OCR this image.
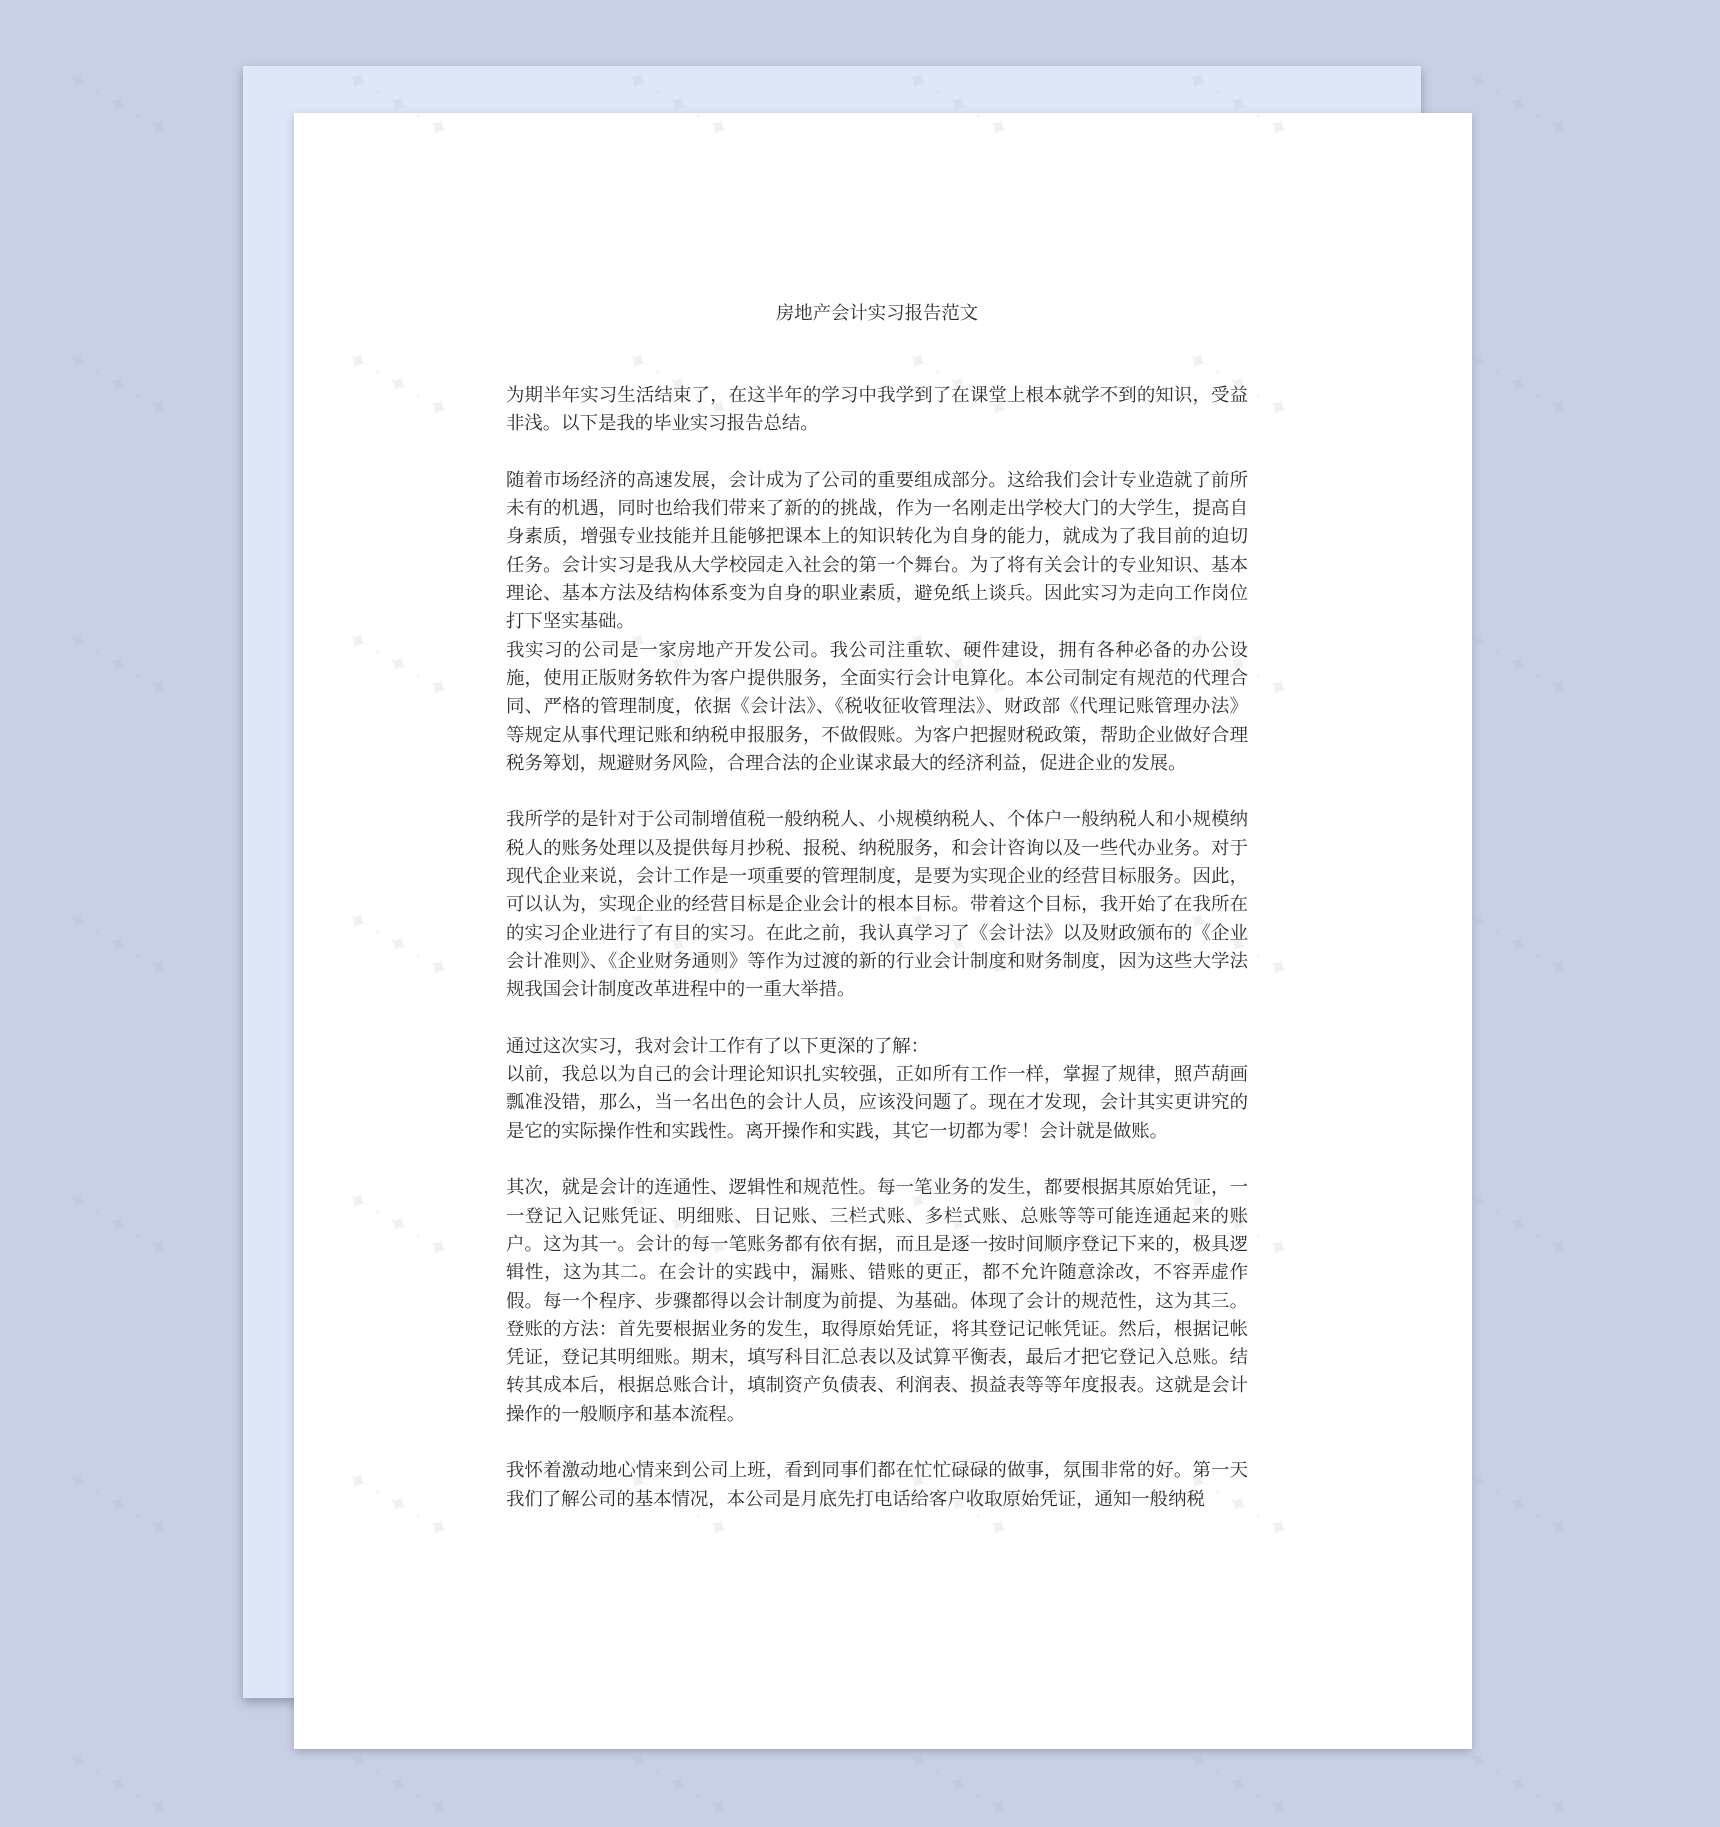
房地产会计实习报告范文

为期半年实习生活结束了，在这半年的学习中我学到了在课堂上根本就学不到的知识，受益非浅。以下是我的毕业实习报告总结。

随着市场经济的高速发展，会计成为了公司的重要组成部分。这给我们会计专业造就了前所未有的机遇，同时也给我们带来了新的的挑战，作为一名刚走出学校大门的大学生，提高自身素质，增强专业技能并且能够把课本上的知识转化为自身的能力，就成为了我目前的迫切任务。会计实习是我从大学校园走入社会的第一个舞台。为了将有关会计的专业知识、基本理论、基本方法及结构体系变为自身的职业素质，避免纸上谈兵。因此实习为走向工作岗位打下坚实基础。

我实习的公司是一家房地产开发公司。我公司注重软、硬件建设，拥有各种必备的办公设施，使用正版财务软件为客户提供服务，全面实行会计电算化。本公司制定有规范的代理合同、严格的管理制度，依据《会计法》、《税收征收管理法》、财政部《代理记账管理办法》等规定从事代理记账和纳税申报服务，不做假账。为客户把握财税政策，帮助企业做好合理税务筹划，规避财务风险，合理合法的企业谋求最大的经济利益，促进企业的发展。

我所学的是针对于公司制增值税一般纳税人、小规模纳税人、个体户一般纳税人和小规模纳税人的账务处理以及提供每月抄税、报税、纳税服务，和会计咨询以及一些代办业务。对于现代企业来说，会计工作是一项重要的管理制度，是要为实现企业的经营目标服务。因此，可以认为，实现企业的经营目标是企业会计的根本目标。带着这个目标，我开始了在我所在的实习企业进行了有目的实习。在此之前，我认真学习了《会计法》以及财政颁布的《企业会计准则》、《企业财务通则》等作为过渡的新的行业会计制度和财务制度，因为这些大学法规我国会计制度改革进程中的一重大举措。

通过这次实习，我对会计工作有了以下更深的了解：

以前，我总以为自己的会计理论知识扎实较强，正如所有工作一样，掌握了规律，照芦葫画瓢准没错，那么，当一名出色的会计人员，应该没问题了。现在才发现，会计其实更讲究的是它的实际操作性和实践性。离开操作和实践，其它一切都为零！会计就是做账。

其次，就是会计的连通性、逻辑性和规范性。每一笔业务的发生，都要根据其原始凭证，一一登记入记账凭证、明细账、日记账、三栏式账、多栏式账、总账等等可能连通起来的账户。这为其一。会计的每一笔账务都有依有据，而且是逐一按时间顺序登记下来的，极具逻辑性，这为其二。在会计的实践中，漏账、错账的更正，都不允许随意涂改，不容弄虚作假。每一个程序、步骤都得以会计制度为前提、为基础。体现了会计的规范性，这为其三。登账的方法：首先要根据业务的发生，取得原始凭证，将其登记记帐凭证。然后，根据记帐凭证，登记其明细账。期末，填写科目汇总表以及试算平衡表，最后才把它登记入总账。结转其成本后，根据总账合计，填制资产负债表、利润表、损益表等等年度报表。这就是会计操作的一般顺序和基本流程。

我怀着激动地心情来到公司上班，看到同事们都在忙忙碌碌的做事，氛围非常的好。第一天我们了解公司的基本情况，本公司是月底先打电话给客户收取原始凭证，通知一般纳税

✦ · ✦ · ✦	✦ · ✦ · ✦
✦ · ✦ · ✦	✦ · ✦ · ✦
✦ · ✦ · ✦	✦ · ✦ · ✦
✦ · ✦ · ✦	✦ · ✦ · ✦
✦ · ✦ · ✦	✦ · ✦ · ✦
✦ · ✦ · ✦	✦ · ✦ · ✦
✦ · ✦ · ✦	✦ · ✦ · ✦	✦ · ✦ · ✦	✦ · ✦ · ✦	✦ · ✦ · ✦	✦ · ✦ · ✦
